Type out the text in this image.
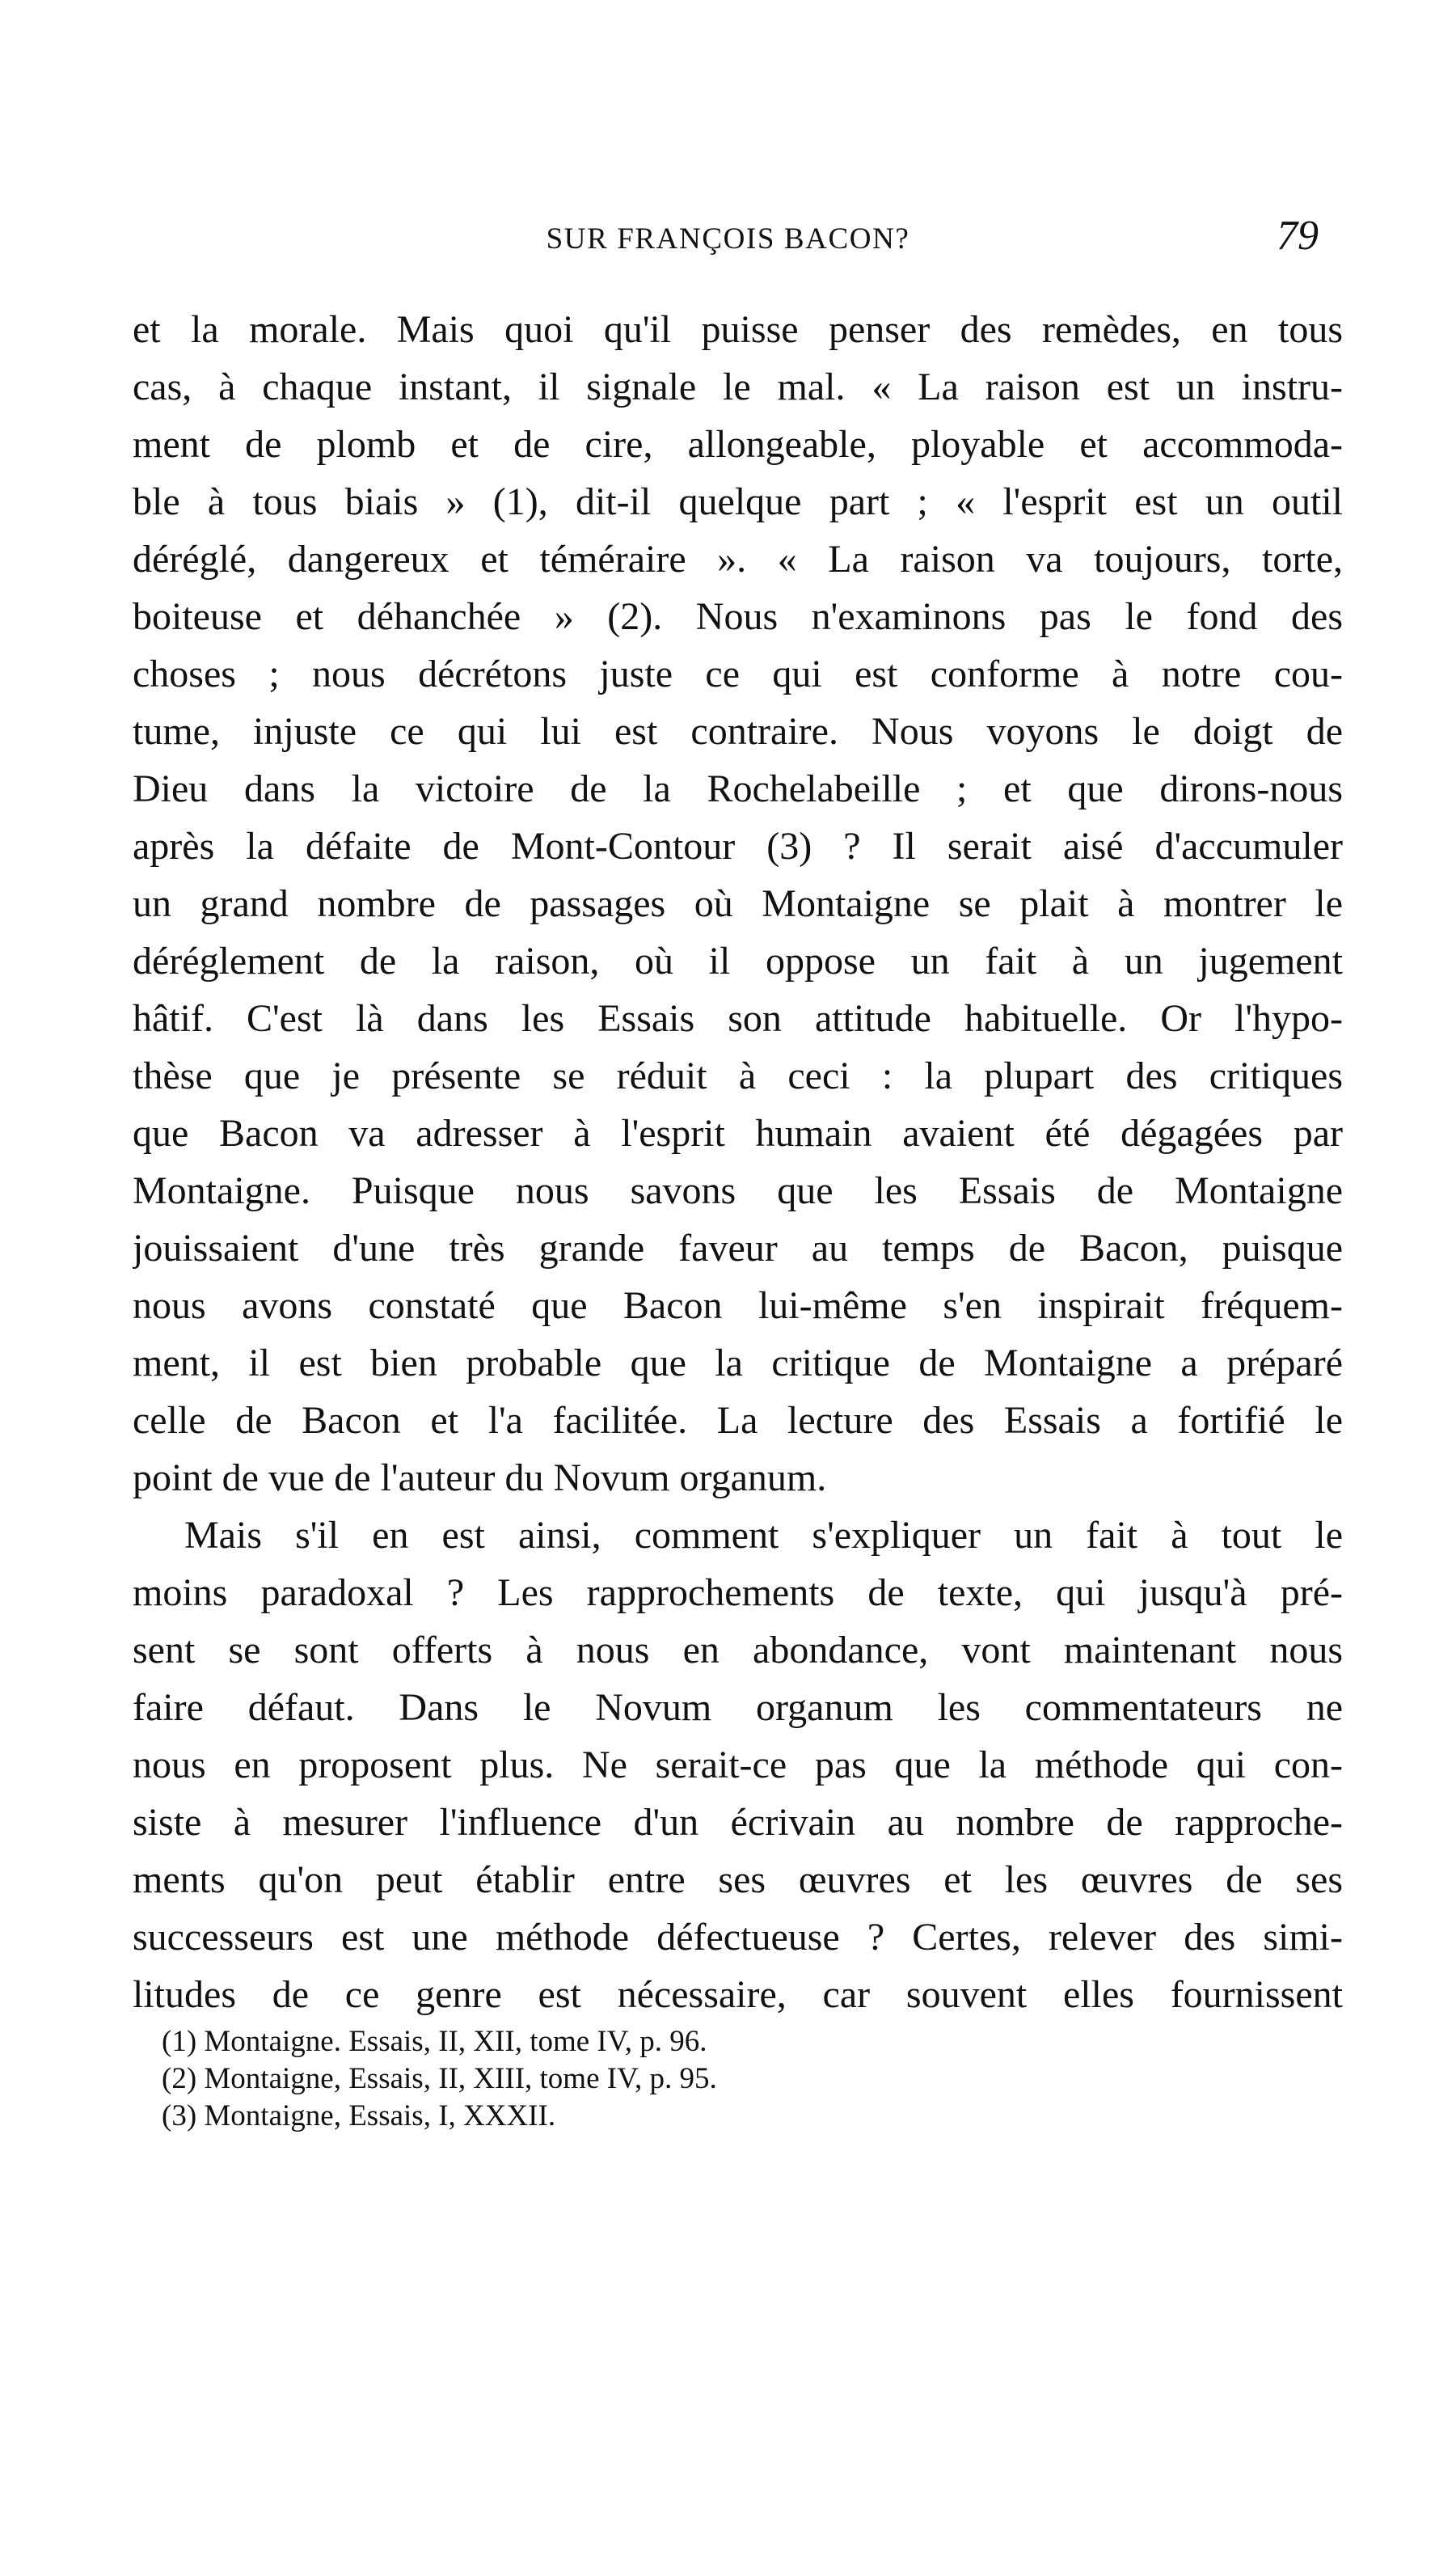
SUR FRANÇOIS BACON?	79
et la morale. Mais quoi qu'il puisse penser des remèdes, en tous
cas, à chaque instant, il signale le mal. « La raison est un instru-
ment de plomb et de cire, allongeable, ployable et accommoda-
ble à tous biais » (1), dit-il quelque part ; « l'esprit est un outil
déréglé, dangereux et téméraire ». « La raison va toujours, torte,
boiteuse et déhanchée » (2). Nous n'examinons pas le fond des
choses ; nous décrétons juste ce qui est conforme à notre cou-
tume, injuste ce qui lui est contraire. Nous voyons le doigt de
Dieu dans la victoire de la Rochelabeille ; et que dirons-nous
après la défaite de Mont-Contour (3) ? Il serait aisé d'accumuler
un grand nombre de passages où Montaigne se plait à montrer le
déréglement de la raison, où il oppose un fait à un jugement
hâtif. C'est là dans les Essais son attitude habituelle. Or l'hypo-
thèse que je présente se réduit à ceci : la plupart des critiques
que Bacon va adresser à l'esprit humain avaient été dégagées par
Montaigne. Puisque nous savons que les Essais de Montaigne
jouissaient d'une très grande faveur au temps de Bacon, puisque
nous avons constaté que Bacon lui-même s'en inspirait fréquem-
ment, il est bien probable que la critique de Montaigne a préparé
celle de Bacon et l'a facilitée. La lecture des Essais a fortifié le
point de vue de l'auteur du Novum organum.
Mais s'il en est ainsi, comment s'expliquer un fait à tout le
moins paradoxal ? Les rapprochements de texte, qui jusqu'à pré-
sent se sont offerts à nous en abondance, vont maintenant nous
faire défaut. Dans le Novum organum les commentateurs ne
nous en proposent plus. Ne serait-ce pas que la méthode qui con-
siste à mesurer l'influence d'un écrivain au nombre de rapproche-
ments qu'on peut établir entre ses œuvres et les œuvres de ses
successeurs est une méthode défectueuse ? Certes, relever des simi-
litudes de ce genre est nécessaire, car souvent elles fournissent
(1) Montaigne. Essais, II, XII, tome IV, p. 96.
(2) Montaigne, Essais, II, XIII, tome IV, p. 95.
(3) Montaigne, Essais, I, XXXII.
